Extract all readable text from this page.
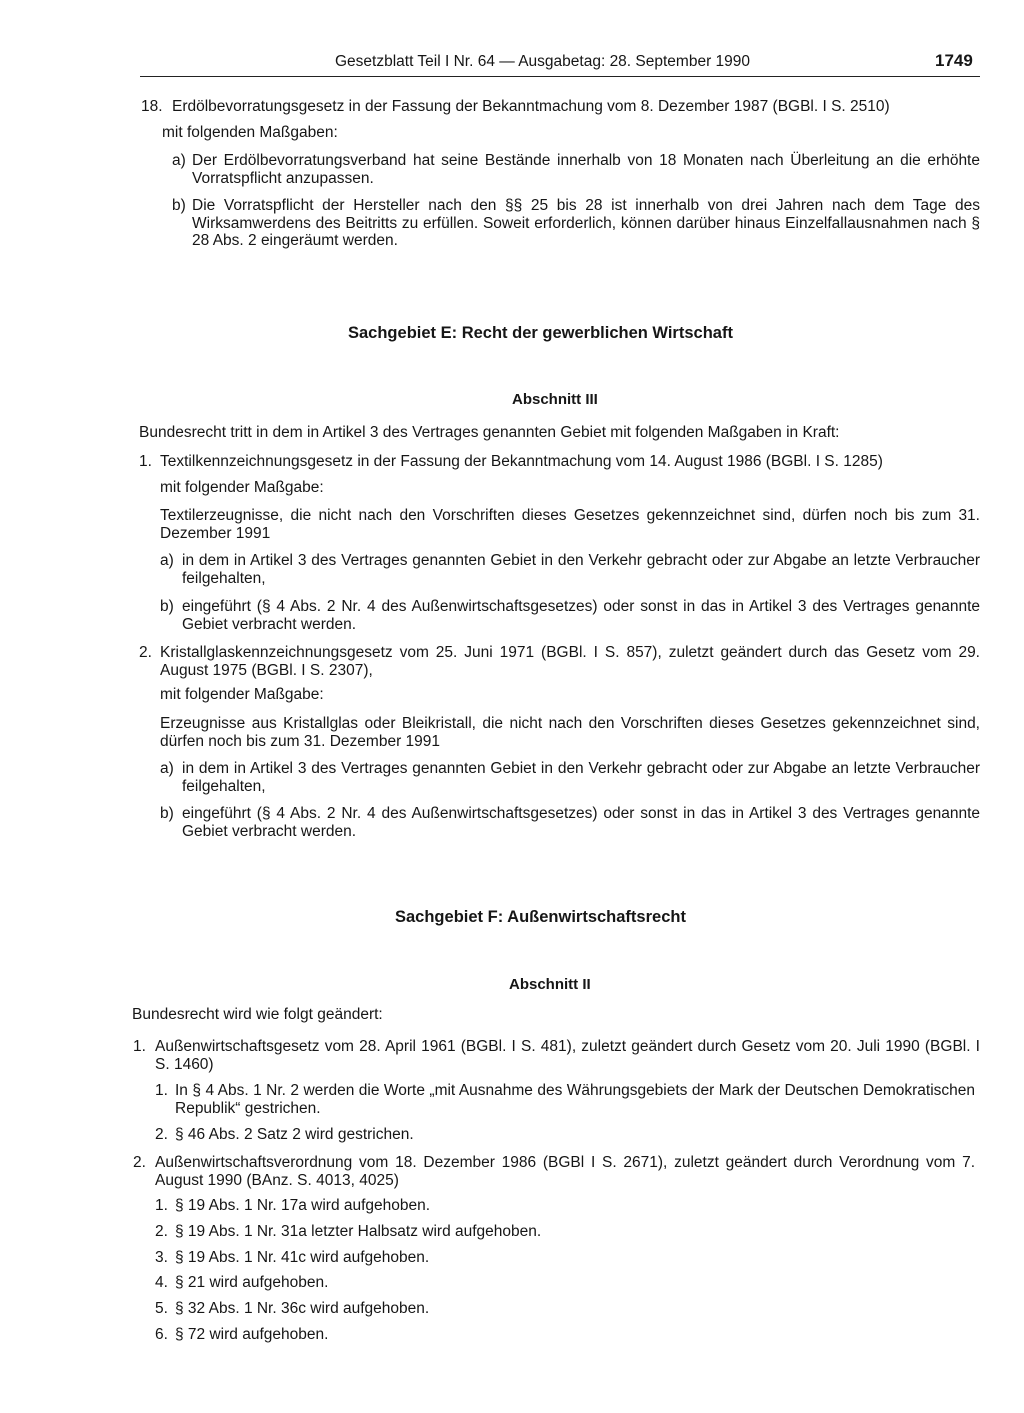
Gesetzblatt Teil I Nr. 64 — Ausgabetag: 28. September 1990	1749
18. Erdölbevorratungsgesetz in der Fassung der Bekanntmachung vom 8. Dezember 1987 (BGBl. I S. 2510)
mit folgenden Maßgaben:
a) Der Erdölbevorratungsverband hat seine Bestände innerhalb von 18 Monaten nach Überleitung an die erhöhte Vorratspflicht anzupassen.
b) Die Vorratspflicht der Hersteller nach den §§ 25 bis 28 ist innerhalb von drei Jahren nach dem Tage des Wirksamwerdens des Beitritts zu erfüllen. Soweit erforderlich, können darüber hinaus Einzelfallausnahmen nach § 28 Abs. 2 eingeräumt werden.
Sachgebiet E: Recht der gewerblichen Wirtschaft
Abschnitt III
Bundesrecht tritt in dem in Artikel 3 des Vertrages genannten Gebiet mit folgenden Maßgaben in Kraft:
1. Textilkennzeichnungsgesetz in der Fassung der Bekanntmachung vom 14. August 1986 (BGBl. I S. 1285)
mit folgender Maßgabe:
Textilerzeugnisse, die nicht nach den Vorschriften dieses Gesetzes gekennzeichnet sind, dürfen noch bis zum 31. Dezember 1991
a) in dem in Artikel 3 des Vertrages genannten Gebiet in den Verkehr gebracht oder zur Abgabe an letzte Verbraucher feilgehalten,
b) eingeführt (§ 4 Abs. 2 Nr. 4 des Außenwirtschaftsgesetzes) oder sonst in das in Artikel 3 des Vertrages genannte Gebiet verbracht werden.
2. Kristallglaskennzeichnungsgesetz vom 25. Juni 1971 (BGBl. I S. 857), zuletzt geändert durch das Gesetz vom 29. August 1975 (BGBl. I S. 2307),
mit folgender Maßgabe:
Erzeugnisse aus Kristallglas oder Bleikristall, die nicht nach den Vorschriften dieses Gesetzes gekennzeichnet sind, dürfen noch bis zum 31. Dezember 1991
a) in dem in Artikel 3 des Vertrages genannten Gebiet in den Verkehr gebracht oder zur Abgabe an letzte Verbraucher feilgehalten,
b) eingeführt (§ 4 Abs. 2 Nr. 4 des Außenwirtschaftsgesetzes) oder sonst in das in Artikel 3 des Vertrages genannte Gebiet verbracht werden.
Sachgebiet F: Außenwirtschaftsrecht
Abschnitt II
Bundesrecht wird wie folgt geändert:
1. Außenwirtschaftsgesetz vom 28. April 1961 (BGBl. I S. 481), zuletzt geändert durch Gesetz vom 20. Juli 1990 (BGBl. I S. 1460)
1. In § 4 Abs. 1 Nr. 2 werden die Worte „mit Ausnahme des Währungsgebiets der Mark der Deutschen Demokratischen Republik“ gestrichen.
2. § 46 Abs. 2 Satz 2 wird gestrichen.
2. Außenwirtschaftsverordnung vom 18. Dezember 1986 (BGBl I S. 2671), zuletzt geändert durch Verordnung vom 7. August 1990 (BAnz. S. 4013, 4025)
1. § 19 Abs. 1 Nr. 17a wird aufgehoben.
2. § 19 Abs. 1 Nr. 31a letzter Halbsatz wird aufgehoben.
3. § 19 Abs. 1 Nr. 41c wird aufgehoben.
4. § 21 wird aufgehoben.
5. § 32 Abs. 1 Nr. 36c wird aufgehoben.
6. § 72 wird aufgehoben.
